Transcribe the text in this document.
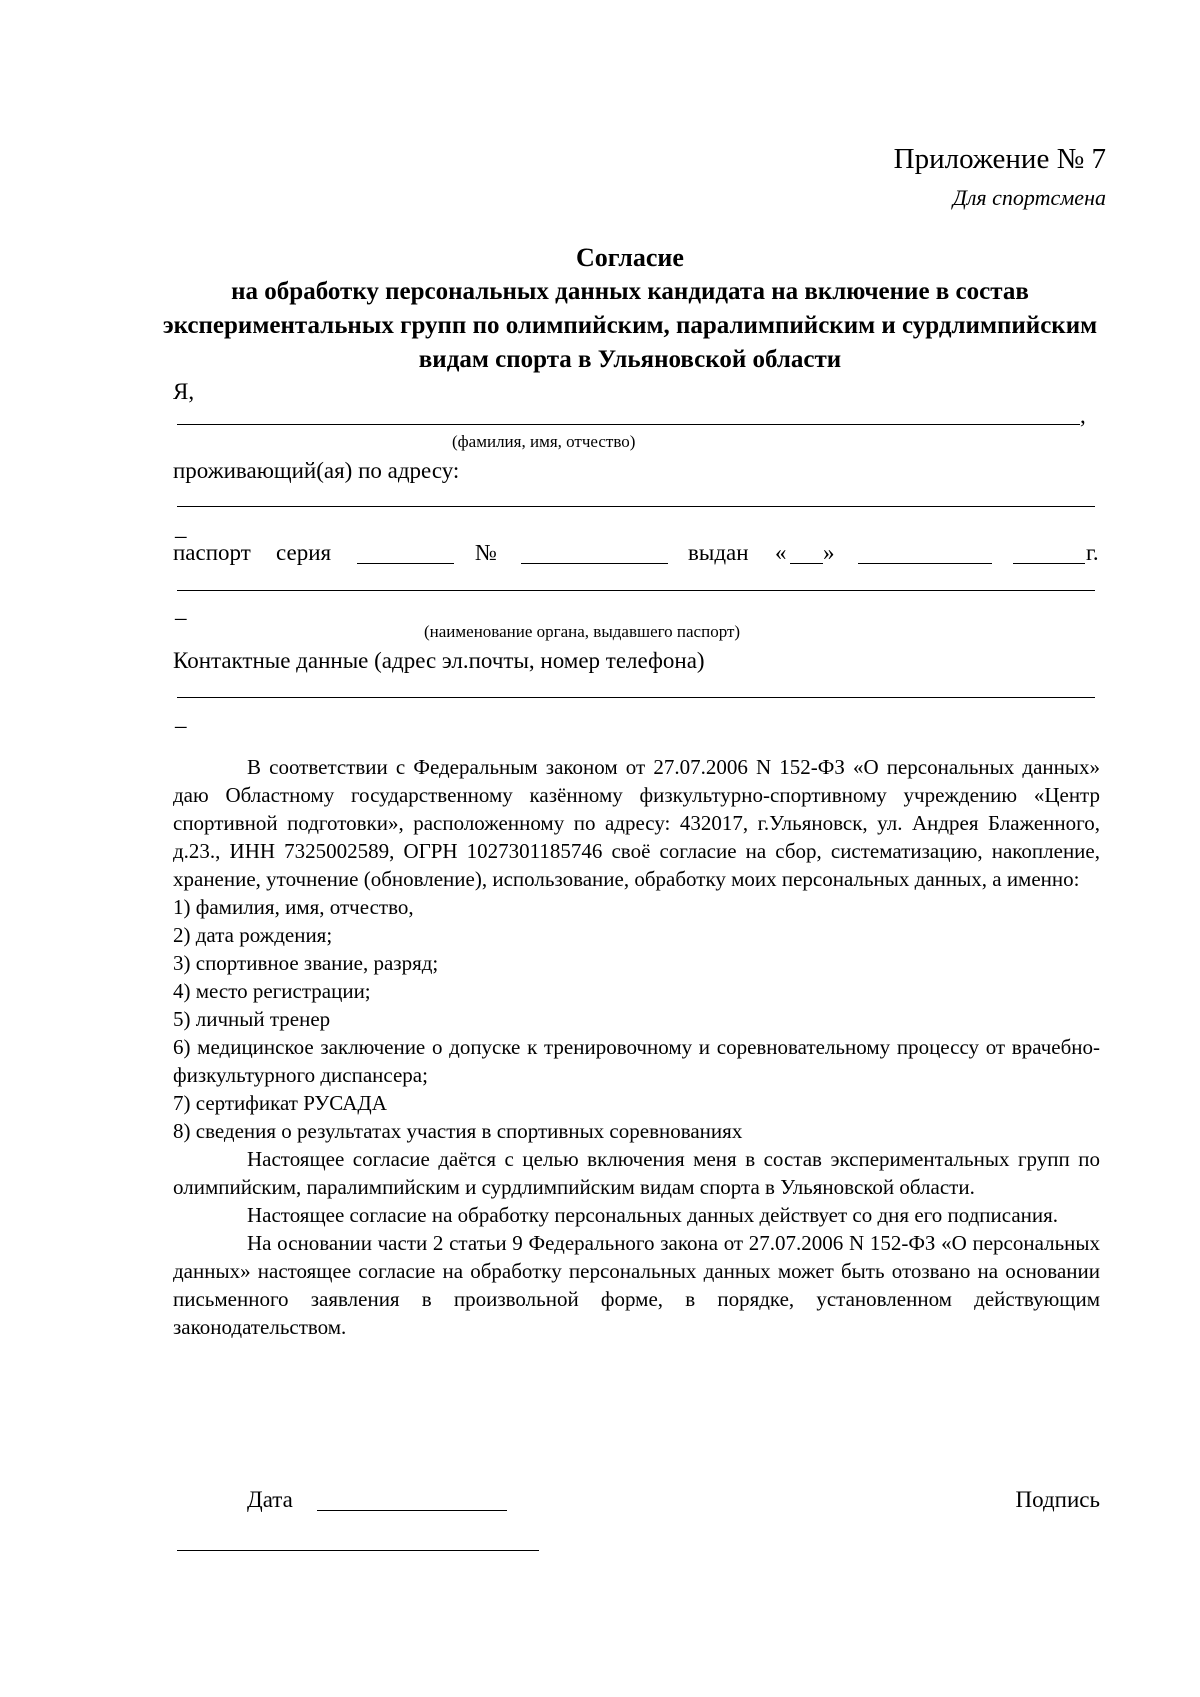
Приложение № 7
Для спортсмена
Согласие
на обработку персональных данных кандидата на включение в состав экспериментальных групп по олимпийским, паралимпийским и сурдлимпийским видам спорта в Ульяновской области
Я,
,
(фамилия, имя, отчество)
проживающий(ая) по адресу:
_
паспорт серия	№	выдан « »	г.
_
(наименование органа, выдавшего паспорт)
Контактные данные (адрес эл.почты, номер телефона)
_

В соответствии с Федеральным законом от 27.07.2006 N 152-ФЗ «О персональных данных» даю Областному государственному казённому физкультурно-спортивному учреждению «Центр спортивной подготовки», расположенному по адресу: 432017, г.Ульяновск, ул. Андрея Блаженного, д.23., ИНН 7325002589, ОГРН 1027301185746 своё согласие на сбор, систематизацию, накопление, хранение, уточнение (обновление), использование, обработку моих персональных данных, а именно:

1) фамилия, имя, отчество,

2) дата рождения;

3) спортивное звание, разряд;

4) место регистрации;

5) личный тренер

6) медицинское заключение о допуске к тренировочному и соревновательному процессу от врачебно-физкультурного диспансера;

7) сертификат РУСАДА

8) сведения о результатах участия в спортивных соревнованиях

Настоящее согласие даётся с целью включения меня в состав экспериментальных групп по олимпийским, паралимпийским и сурдлимпийским видам спорта в Ульяновской области.

Настоящее согласие на обработку персональных данных действует со дня его подписания.

На основании части 2 статьи 9 Федерального закона от 27.07.2006 N 152-ФЗ «О персональных данных» настоящее согласие на обработку персональных данных может быть отозвано на основании письменного заявления в произвольной форме, в порядке, установленном действующим законодательством.

Дата	Подпись
